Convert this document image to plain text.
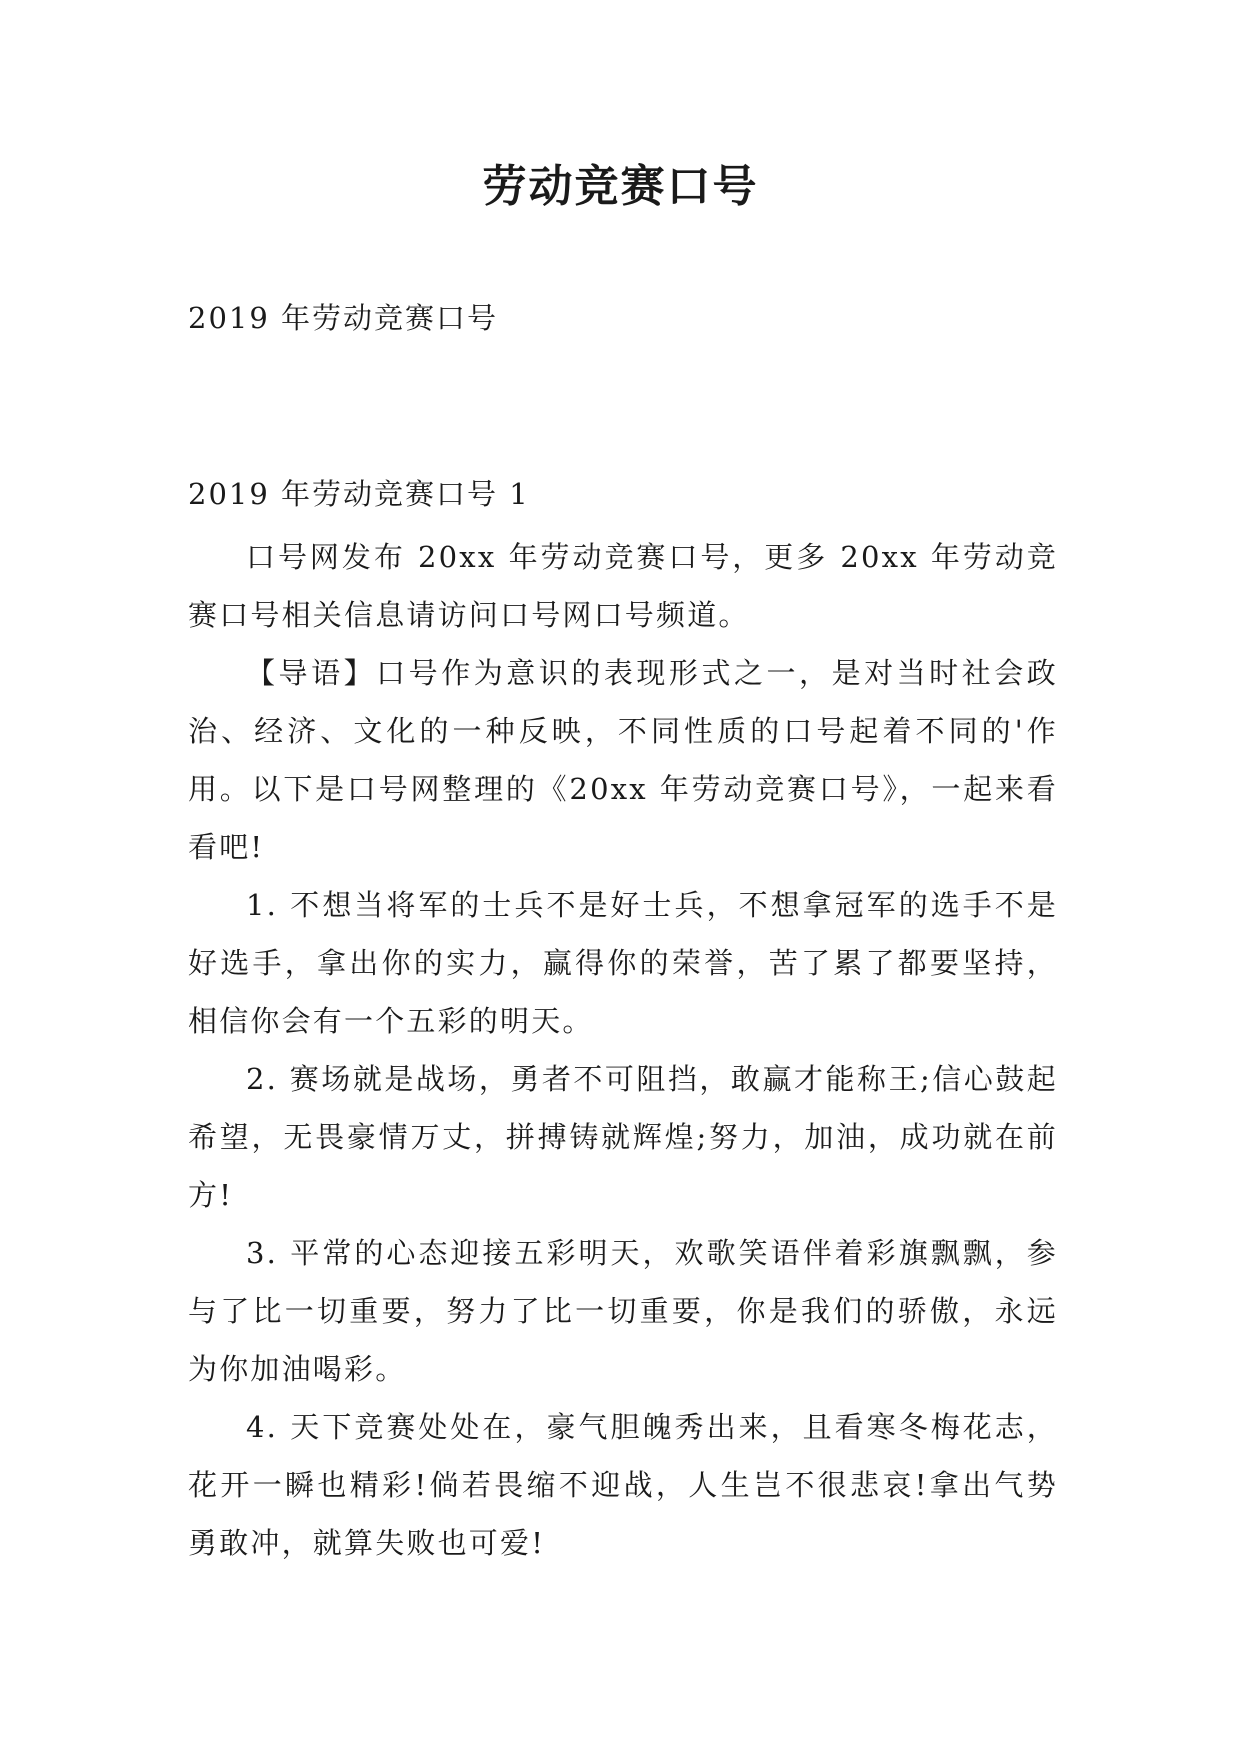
劳动竞赛口号
2019 年劳动竞赛口号
2019 年劳动竞赛口号 1

口号网发布 20xx 年劳动竞赛口号，更多 20xx 年劳动竞赛口号相关信息请访问口号网口号频道。

【导语】口号作为意识的表现形式之一，是对当时社会政治、经济、文化的一种反映，不同性质的口号起着不同的'作用。以下是口号网整理的《20xx 年劳动竞赛口号》，一起来看看吧!

1. 不想当将军的士兵不是好士兵，不想拿冠军的选手不是好选手，拿出你的实力，赢得你的荣誉，苦了累了都要坚持，相信你会有一个五彩的明天。

2. 赛场就是战场，勇者不可阻挡，敢赢才能称王;信心鼓起希望，无畏豪情万丈，拼搏铸就辉煌;努力，加油，成功就在前方!

3. 平常的心态迎接五彩明天，欢歌笑语伴着彩旗飘飘，参与了比一切重要，努力了比一切重要，你是我们的骄傲，永远为你加油喝彩。

4. 天下竞赛处处在，豪气胆魄秀出来，且看寒冬梅花志，花开一瞬也精彩!倘若畏缩不迎战，人生岂不很悲哀!拿出气势勇敢冲，就算失败也可爱!
